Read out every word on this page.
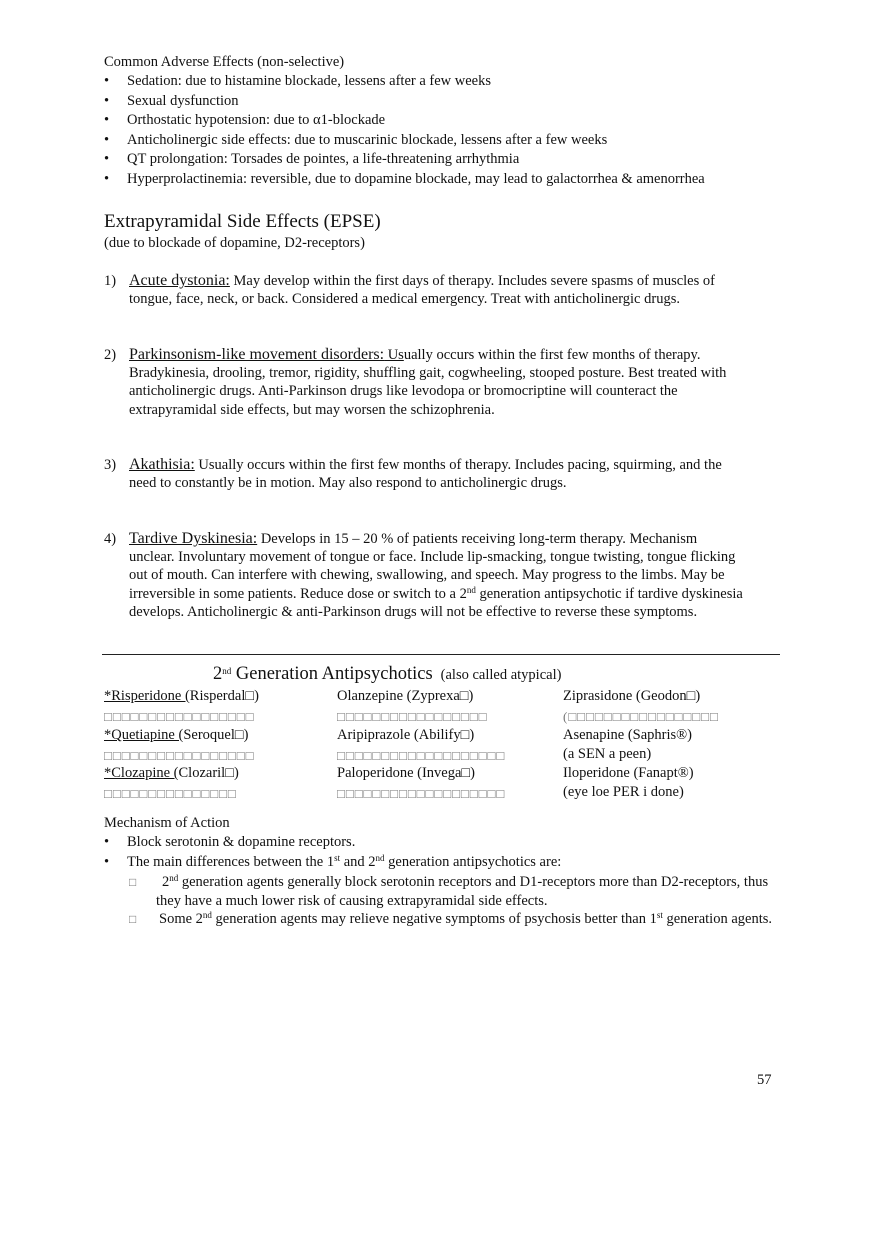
Common Adverse Effects (non-selective)
• Sedation: due to histamine blockade, lessens after a few weeks
• Sexual dysfunction
• Orthostatic hypotension: due to α1-blockade
• Anticholinergic side effects: due to muscarinic blockade, lessens after a few weeks
• QT prolongation: Torsades de pointes, a life-threatening arrhythmia
• Hyperprolactinemia: reversible, due to dopamine blockade, may lead to galactorrhea & amenorrhea
Extrapyramidal Side Effects (EPSE)
(due to blockade of dopamine, D2-receptors)
1) Acute dystonia: May develop within the first days of therapy. Includes severe spasms of muscles of tongue, face, neck, or back. Considered a medical emergency. Treat with anticholinergic drugs.
2) Parkinsonism-like movement disorders: Usually occurs within the first few months of therapy. Bradykinesia, drooling, tremor, rigidity, shuffling gait, cogwheeling, stooped posture. Best treated with anticholinergic drugs. Anti-Parkinson drugs like levodopa or bromocriptine will counteract the extrapyramidal side effects, but may worsen the schizophrenia.
3) Akathisia: Usually occurs within the first few months of therapy. Includes pacing, squirming, and the need to constantly be in motion. May also respond to anticholinergic drugs.
4) Tardive Dyskinesia: Develops in 15 – 20 % of patients receiving long-term therapy. Mechanism unclear. Involuntary movement of tongue or face. Include lip-smacking, tongue twisting, tongue flicking out of mouth. Can interfere with chewing, swallowing, and speech. May progress to the limbs. May be irreversible in some patients. Reduce dose or switch to a 2nd generation antipsychotic if tardive dyskinesia develops. Anticholinergic & anti-Parkinson drugs will not be effective to reverse these symptoms.
2nd Generation Antipsychotics (also called atypical)
*Risperidone (Risperdal□)
□□□□□□□□□□□□□□□□□
Olanzepine (Zyprexa□)
□□□□□□□□□□□□□□□□□
Ziprasidone (Geodon□)
(□□□□□□□□□□□□□□□□□
*Quetiapine (Seroquel□)
□□□□□□□□□□□□□□□□□
Aripiprazole (Abilify□)
□□□□□□□□□□□□□□□□□□□
Asenapine (Saphris®)
(a SEN a peen)
*Clozapine (Clozaril□)
□□□□□□□□□□□□□□□
Paloperidone (Invega□)
□□□□□□□□□□□□□□□□□□□
Iloperidone (Fanapt®)
(eye loe PER i done)
Mechanism of Action
• Block serotonin & dopamine receptors.
• The main differences between the 1st and 2nd generation antipsychotics are:
□ 2nd generation agents generally block serotonin receptors and D1-receptors more than D2-receptors, thus they have a much lower risk of causing extrapyramidal side effects.
□ Some 2nd generation agents may relieve negative symptoms of psychosis better than 1st generation agents.
57
